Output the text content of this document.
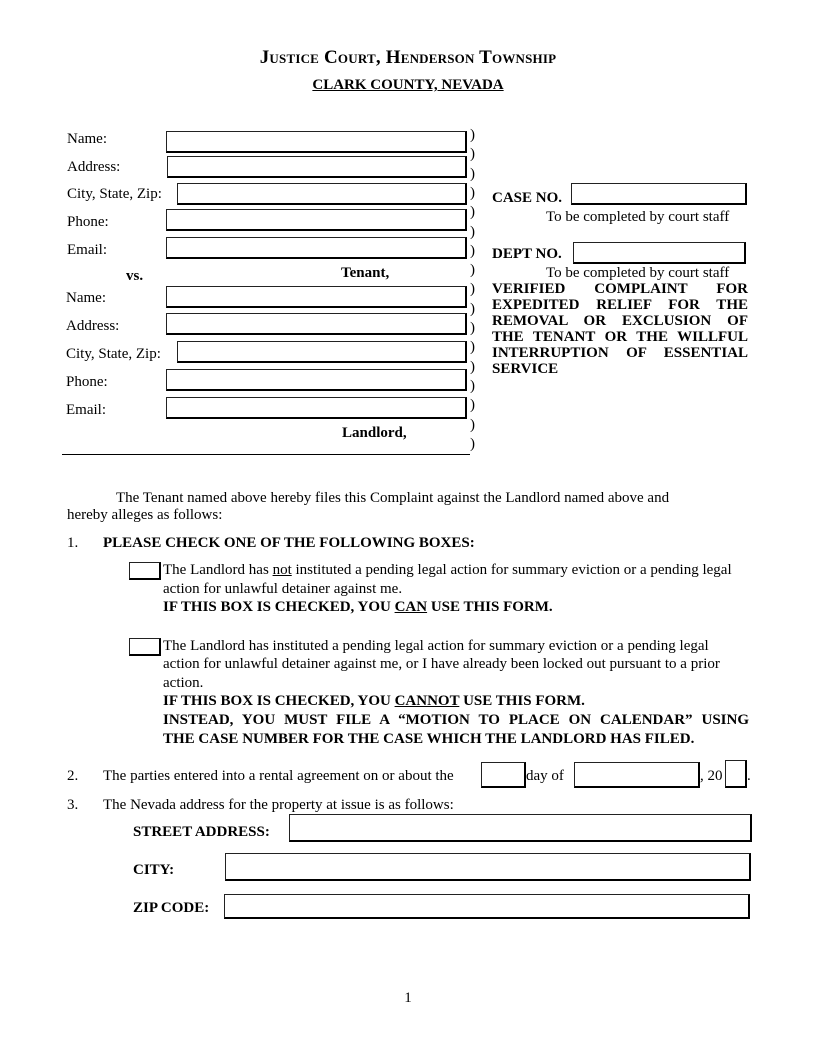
Justice Court, Henderson Township
CLARK COUNTY, NEVADA
Name:
Address:
City, State, Zip:
Phone:
Email:
vs.	Tenant,
Name:
Address:
City, State, Zip:
Phone:
Email:
Landlord,
)
)
)
)
)
)
)
)
)
)
)
)
)
)
)
)
)
CASE NO.
To be completed by court staff
DEPT NO.
To be completed by court staff
VERIFIED COMPLAINT FOR
EXPEDITED RELIEF FOR THE
REMOVAL OR EXCLUSION OF
THE TENANT OR THE WILLFUL
INTERRUPTION OF ESSENTIAL
SERVICE
The Tenant named above hereby files this Complaint against the Landlord named above and
hereby alleges as follows:
1. PLEASE CHECK ONE OF THE FOLLOWING BOXES:
The Landlord has not instituted a pending legal action for summary eviction or a pending legal
action for unlawful detainer against me.
IF THIS BOX IS CHECKED, YOU CAN USE THIS FORM.
The Landlord has instituted a pending legal action for summary eviction or a pending legal
action for unlawful detainer against me, or I have already been locked out pursuant to a prior
action.
IF THIS BOX IS CHECKED, YOU CANNOT USE THIS FORM.
INSTEAD, YOU MUST FILE A “MOTION TO PLACE ON CALENDAR” USING
THE CASE NUMBER FOR THE CASE WHICH THE LANDLORD HAS FILED.
2. The parties entered into a rental agreement on or about the	day of	, 20 .
3. The Nevada address for the property at issue is as follows:
STREET ADDRESS:
CITY:
ZIP CODE:
1
